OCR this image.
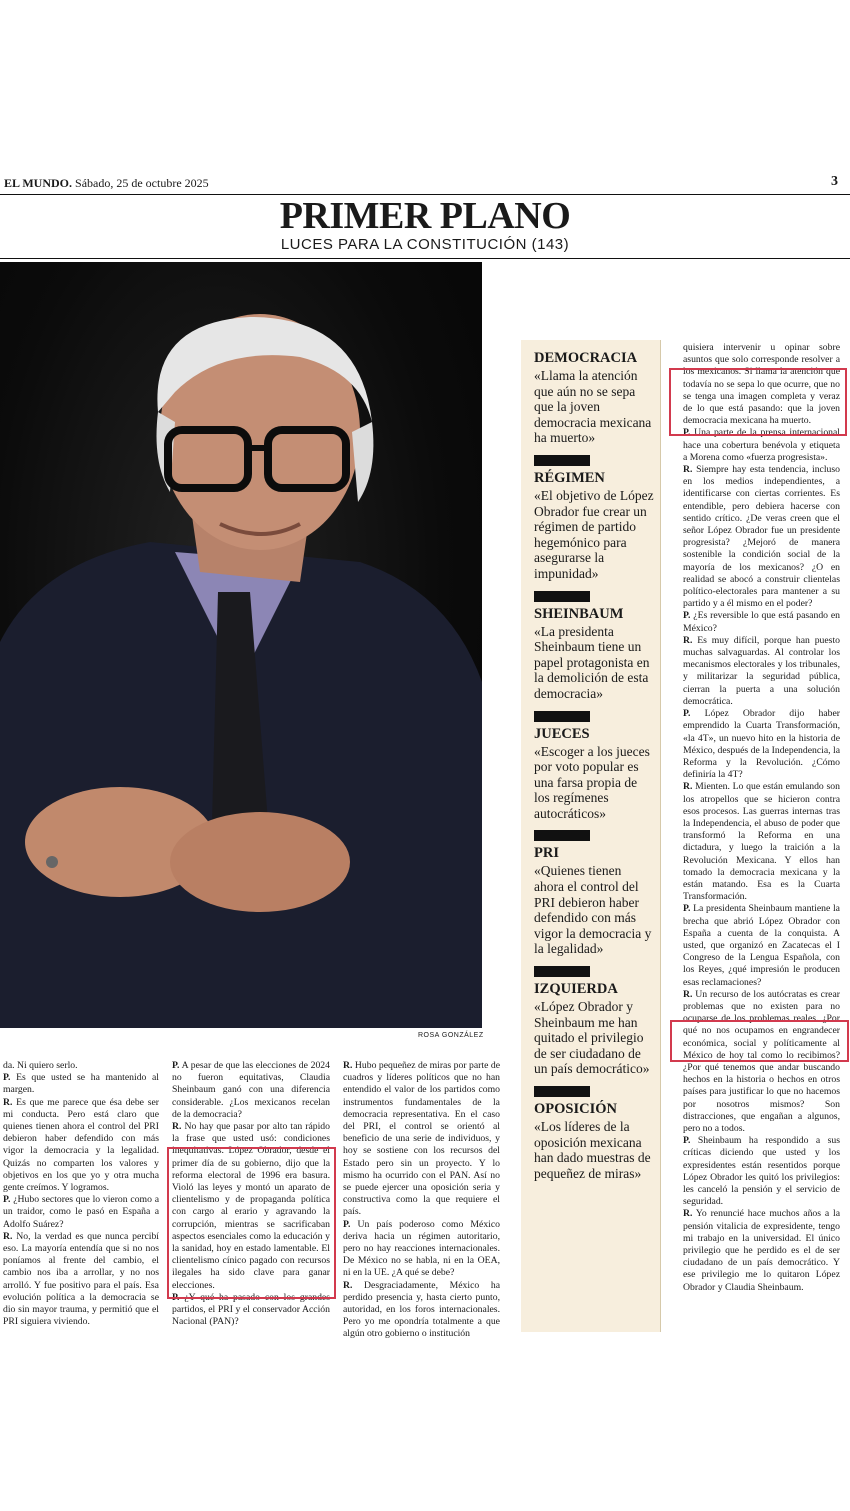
EL MUNDO. Sábado, 25 de octubre 2025	3
PRIMER PLANO
LUCES PARA LA CONSTITUCIÓN (143)
ROSA GONZÁLEZ

da. Ni quiero serlo.

P. Es que usted se ha mantenido al margen.

R. Es que me parece que ésa debe ser mi conducta. Pero está claro que quienes tienen ahora el control del PRI debieron haber defendido con más vigor la democracia y la legalidad. Quizás no comparten los valores y objetivos en los que yo y otra mucha gente creímos. Y logramos.

P. ¿Hubo sectores que lo vieron como a un traidor, como le pasó en España a Adolfo Suárez?

R. No, la verdad es que nunca percibí eso. La mayoría entendía que si no nos poníamos al frente del cambio, el cambio nos iba a arrollar, y no nos arrolló. Y fue positivo para el país. Esa evolución política a la democracia se dio sin mayor trauma, y permitió que el PRI siguiera viviendo.

P. A pesar de que las elecciones de 2024 no fueron equitativas, Claudia Sheinbaum ganó con una diferencia considerable. ¿Los mexicanos recelan de la democracia?

R. No hay que pasar por alto tan rápido la frase que usted usó: condiciones inequitativas. López Obrador, desde el primer día de su gobierno, dijo que la reforma electoral de 1996 era basura. Violó las leyes y montó un aparato de clientelismo y de propaganda política con cargo al erario y agravando la corrupción, mientras se sacrificaban aspectos esenciales como la educación y la sanidad, hoy en estado lamentable. El clientelismo cínico pagado con recursos ilegales ha sido clave para ganar elecciones.

P. ¿Y qué ha pasado con los grandes partidos, el PRI y el conservador Acción Nacional (PAN)?

R. Hubo pequeñez de miras por parte de cuadros y líderes políticos que no han entendido el valor de los partidos como instrumentos fundamentales de la democracia representativa. En el caso del PRI, el control se orientó al beneficio de una serie de individuos, y hoy se sostiene con los recursos del Estado pero sin un proyecto. Y lo mismo ha ocurrido con el PAN. Así no se puede ejercer una oposición seria y constructiva como la que requiere el país.

P. Un país poderoso como México deriva hacia un régimen autoritario, pero no hay reacciones internacionales. De México no se habla, ni en la OEA, ni en la UE. ¿A qué se debe?

R. Desgraciadamente, México ha perdido presencia y, hasta cierto punto, autoridad, en los foros internacionales. Pero yo me opondría totalmente a que algún otro gobierno o institución

quisiera intervenir u opinar sobre asuntos que solo corresponde resolver a los mexicanos. Si llama la atención que todavía no se sepa lo que ocurre, que no se tenga una imagen completa y veraz de lo que está pasando: que la joven democracia mexicana ha muerto.

P. Una parte de la prensa internacional hace una cobertura benévola y etiqueta a Morena como «fuerza progresista».

R. Siempre hay esta tendencia, incluso en los medios independientes, a identificarse con ciertas corrientes. Es entendible, pero debiera hacerse con sentido crítico. ¿De veras creen que el señor López Obrador fue un presidente progresista? ¿Mejoró de manera sostenible la condición social de la mayoría de los mexicanos? ¿O en realidad se abocó a construir clientelas político-electorales para mantener a su partido y a él mismo en el poder?

P. ¿Es reversible lo que está pasando en México?

R. Es muy difícil, porque han puesto muchas salvaguardas. Al controlar los mecanismos electorales y los tribunales, y militarizar la seguridad pública, cierran la puerta a una solución democrática.

P. López Obrador dijo haber emprendido la Cuarta Transformación, «la 4T», un nuevo hito en la historia de México, después de la Independencia, la Reforma y la Revolución. ¿Cómo definiría la 4T?

R. Mienten. Lo que están emulando son los atropellos que se hicieron contra esos procesos. Las guerras internas tras la Independencia, el abuso de poder que transformó la Reforma en una dictadura, y luego la traición a la Revolución Mexicana. Y ellos han tomado la democracia mexicana y la están matando. Esa es la Cuarta Transformación.

P. La presidenta Sheinbaum mantiene la brecha que abrió López Obrador con España a cuenta de la conquista. A usted, que organizó en Zacatecas el I Congreso de la Lengua Española, con los Reyes, ¿qué impresión le producen esas reclamaciones?

R. Un recurso de los autócratas es crear problemas que no existen para no ocuparse de los problemas reales. ¿Por qué no nos ocupamos en engrandecer económica, social y políticamente al México de hoy tal como lo recibimos? ¿Por qué tenemos que andar buscando hechos en la historia o hechos en otros países para justificar lo que no hacemos por nosotros mismos? Son distracciones, que engañan a algunos, pero no a todos.

P. Sheinbaum ha respondido a sus críticas diciendo que usted y los expresidentes están resentidos porque López Obrador les quitó los privilegios: les canceló la pensión y el servicio de seguridad.

R. Yo renuncié hace muchos años a la pensión vitalicia de expresidente, tengo mi trabajo en la universidad. El único privilegio que he perdido es el de ser ciudadano de un país democrático. Y ese privilegio me lo quitaron López Obrador y Claudia Sheinbaum.

DEMOCRACIA
«Llama la atención que aún no se sepa que la joven democracia mexicana ha muerto»
RÉGIMEN
«El objetivo de López Obrador fue crear un régimen de partido hegemónico para asegurarse la impunidad»
SHEINBAUM
«La presidenta Sheinbaum tiene un papel protagonista en la demolición de esta democracia»
JUECES
«Escoger a los jueces por voto popular es una farsa propia de los regímenes autocráticos»
PRI
«Quienes tienen ahora el control del PRI debieron haber defendido con más vigor la democracia y la legalidad»
IZQUIERDA
«López Obrador y Sheinbaum me han quitado el privilegio de ser ciudadano de un país democrático»
OPOSICIÓN
«Los líderes de la oposición mexicana han dado muestras de pequeñez de miras»
